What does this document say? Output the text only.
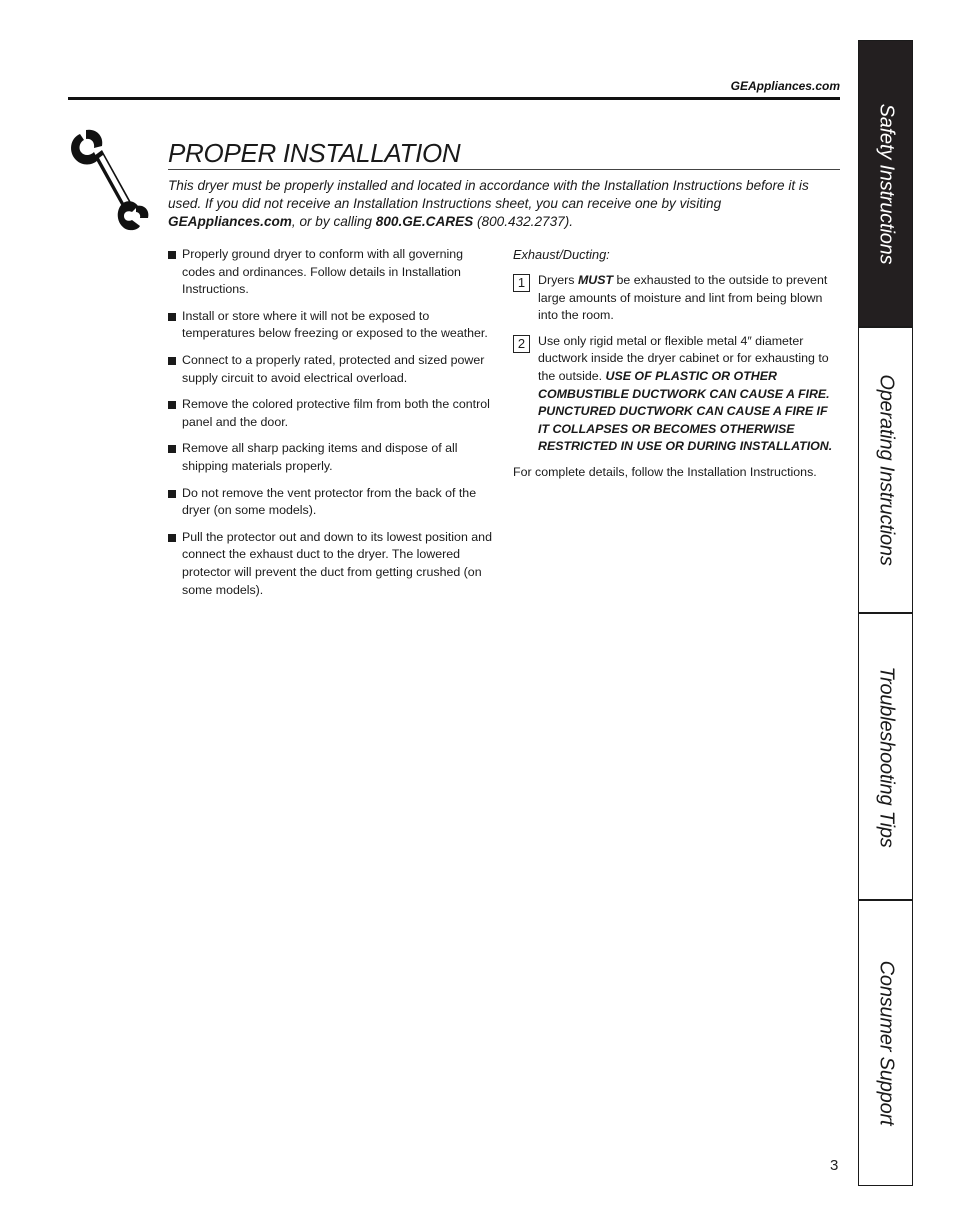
GEAppliances.com
PROPER INSTALLATION

This dryer must be properly installed and located in accordance with the Installation Instructions before it is used. If you did not receive an Installation Instructions sheet, you can receive one by visiting GEAppliances.com, or by calling 800.GE.CARES (800.432.2737).

Properly ground dryer to conform with all governing codes and ordinances. Follow details in Installation Instructions.
Install or store where it will not be exposed to temperatures below freezing or exposed to the weather.
Connect to a properly rated, protected and sized power supply circuit to avoid electrical overload.
Remove the colored protective film from both the control panel and the door.
Remove all sharp packing items and dispose of all shipping materials properly.
Do not remove the vent protector from the back of the dryer (on some models).
Pull the protector out and down to its lowest position and connect the exhaust duct to the dryer. The lowered protector will prevent the duct from getting crushed (on some models).

Exhaust/Ducting:

1	Dryers MUST be exhausted to the outside to prevent large amounts of moisture and lint from being blown into the room.
2	Use only rigid metal or flexible metal 4″ diameter ductwork inside the dryer cabinet or for exhausting to the outside. USE OF PLASTIC OR OTHER COMBUSTIBLE DUCTWORK CAN CAUSE A FIRE. PUNCTURED DUCTWORK CAN CAUSE A FIRE IF IT COLLAPSES OR BECOMES OTHERWISE RESTRICTED IN USE OR DURING INSTALLATION.

For complete details, follow the Installation Instructions.

Safety Instructions
Operating Instructions
Troubleshooting Tips
Consumer Support
3
